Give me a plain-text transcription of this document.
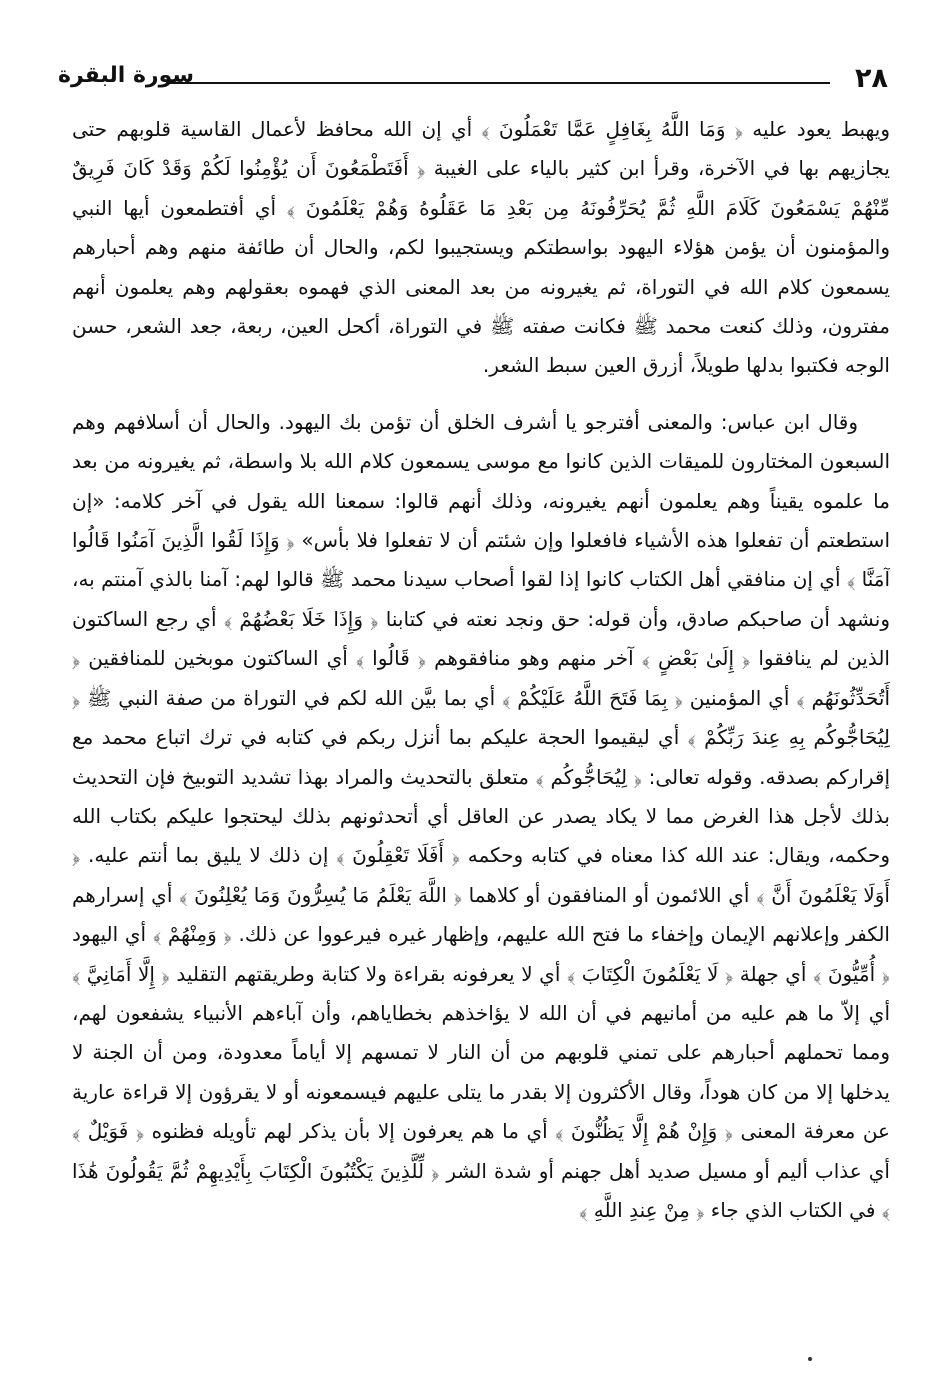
٢٨
سورة البقرة

ويهبط يعود عليه ﴿ وَمَا اللَّهُ بِغَافِلٍ عَمَّا تَعْمَلُونَ ﴾ أي إن الله محافظ لأعمال القاسية قلوبهم حتى يجازيهم بها في الآخرة، وقرأ ابن كثير بالياء على الغيبة ﴿ أَفَتَطْمَعُونَ أَن يُؤْمِنُوا لَكُمْ وَقَدْ كَانَ فَرِيقٌ مِّنْهُمْ يَسْمَعُونَ كَلَامَ اللَّهِ ثُمَّ يُحَرِّفُونَهُ مِن بَعْدِ مَا عَقَلُوهُ وَهُمْ يَعْلَمُونَ ﴾ أي أفتطمعون أيها النبي والمؤمنون أن يؤمن هؤلاء اليهود بواسطتكم ويستجيبوا لكم، والحال أن طائفة منهم وهم أحبارهم يسمعون كلام الله في التوراة، ثم يغيرونه من بعد المعنى الذي فهموه بعقولهم وهم يعلمون أنهم مفترون، وذلك كنعت محمد ﷺ فكانت صفته ﷺ في التوراة، أكحل العين، ربعة، جعد الشعر، حسن الوجه فكتبوا بدلها طويلاً، أزرق العين سبط الشعر.

وقال ابن عباس: والمعنى أفترجو يا أشرف الخلق أن تؤمن بك اليهود. والحال أن أسلافهم وهم السبعون المختارون للميقات الذين كانوا مع موسى يسمعون كلام الله بلا واسطة، ثم يغيرونه من بعد ما علموه يقيناً وهم يعلمون أنهم يغيرونه، وذلك أنهم قالوا: سمعنا الله يقول في آخر كلامه: «إن استطعتم أن تفعلوا هذه الأشياء فافعلوا وإن شئتم أن لا تفعلوا فلا بأس» ﴿ وَإِذَا لَقُوا الَّذِينَ آمَنُوا قَالُوا آمَنَّا ﴾ أي إن منافقي أهل الكتاب كانوا إذا لقوا أصحاب سيدنا محمد ﷺ قالوا لهم: آمنا بالذي آمنتم به، ونشهد أن صاحبكم صادق، وأن قوله: حق ونجد نعته في كتابنا ﴿ وَإِذَا خَلَا بَعْضُهُمْ ﴾ أي رجع الساكتون الذين لم ينافقوا ﴿ إِلَىٰ بَعْضٍ ﴾ آخر منهم وهو منافقوهم ﴿ قَالُوا ﴾ أي الساكتون موبخين للمنافقين ﴿ أَتُحَدِّثُونَهُم ﴾ أي المؤمنين ﴿ بِمَا فَتَحَ اللَّهُ عَلَيْكُمْ ﴾ أي بما بيَّن الله لكم في التوراة من صفة النبي ﷺ ﴿ لِيُحَاجُّوكُم بِهِ عِندَ رَبِّكُمْ ﴾ أي ليقيموا الحجة عليكم بما أنزل ربكم في كتابه في ترك اتباع محمد مع إقراركم بصدقه. وقوله تعالى: ﴿ لِيُحَاجُّوكُم ﴾ متعلق بالتحديث والمراد بهذا تشديد التوبيخ فإن التحديث بذلك لأجل هذا الغرض مما لا يكاد يصدر عن العاقل أي أتحدثونهم بذلك ليحتجوا عليكم بكتاب الله وحكمه، ويقال: عند الله كذا معناه في كتابه وحكمه ﴿ أَفَلَا تَعْقِلُونَ ﴾ إن ذلك لا يليق بما أنتم عليه. ﴿ أَوَلَا يَعْلَمُونَ أَنَّ ﴾ أي اللائمون أو المنافقون أو كلاهما ﴿ اللَّهَ يَعْلَمُ مَا يُسِرُّونَ وَمَا يُعْلِنُونَ ﴾ أي إسرارهم الكفر وإعلانهم الإيمان وإخفاء ما فتح الله عليهم، وإظهار غيره فيرعووا عن ذلك. ﴿ وَمِنْهُمْ ﴾ أي اليهود ﴿ أُمِّيُّونَ ﴾ أي جهلة ﴿ لَا يَعْلَمُونَ الْكِتَابَ ﴾ أي لا يعرفونه بقراءة ولا كتابة وطريقتهم التقليد ﴿ إِلَّا أَمَانِيَّ ﴾ أي إلاّ ما هم عليه من أمانيهم في أن الله لا يؤاخذهم بخطاياهم، وأن آباءهم الأنبياء يشفعون لهم، ومما تحملهم أحبارهم على تمني قلوبهم من أن النار لا تمسهم إلا أياماً معدودة، ومن أن الجنة لا يدخلها إلا من كان هوداً، وقال الأكثرون إلا بقدر ما يتلى عليهم فيسمعونه أو لا يقرؤون إلا قراءة عارية عن معرفة المعنى ﴿ وَإِنْ هُمْ إِلَّا يَظُنُّونَ ﴾ أي ما هم يعرفون إلا بأن يذكر لهم تأويله فظنوه ﴿ فَوَيْلٌ ﴾ أي عذاب أليم أو مسيل صديد أهل جهنم أو شدة الشر ﴿ لِّلَّذِينَ يَكْتُبُونَ الْكِتَابَ بِأَيْدِيهِمْ ثُمَّ يَقُولُونَ هَٰذَا ﴾ في الكتاب الذي جاء ﴿ مِنْ عِندِ اللَّهِ ﴾
